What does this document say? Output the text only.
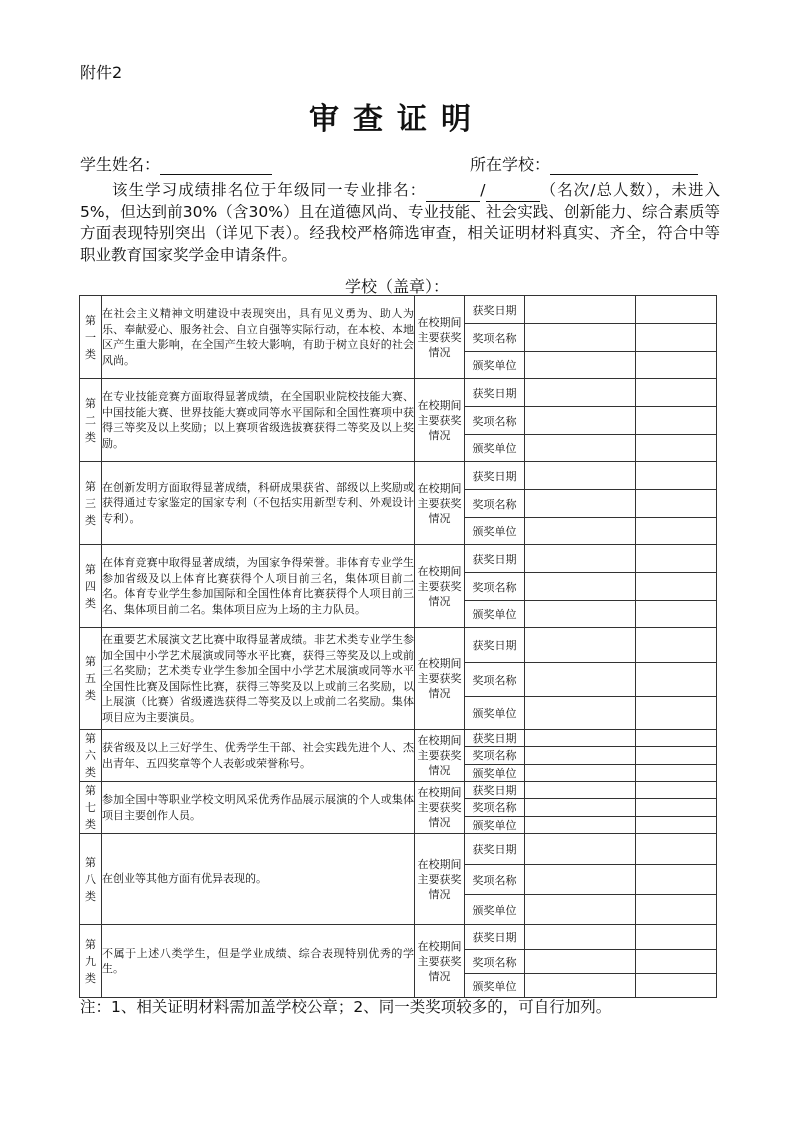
附件2
审查证明
学生姓名：	所在学校：
  该生学习成绩排名位于年级同一专业排名：	/	（名次/总人数），未进入5%，但达到前30%（含30%）且在道德风尚、专业技能、社会实践、创新能力、综合素质等方面表现特别突出（详见下表）。经我校严格筛选审查，相关证明材料真实、齐全，符合中等职业教育国家奖学金申请条件。
学校（盖章）：
第
一
类	在社会主义精神文明建设中表现突出，具有见义勇为、助人为乐、奉献爱心、服务社会、自立自强等实际行动，在本校、本地区产生重大影响，在全国产生较大影响，有助于树立良好的社会风尚。	在校期间主要获奖情况	获奖日期		
			奖项名称		
			颁奖单位		
第
二
类	在专业技能竞赛方面取得显著成绩，在全国职业院校技能大赛、中国技能大赛、世界技能大赛或同等水平国际和全国性赛项中获得三等奖及以上奖励；以上赛项省级选拔赛获得二等奖及以上奖励。	在校期间主要获奖情况	获奖日期		
			奖项名称		
			颁奖单位		
第
三
类	在创新发明方面取得显著成绩，科研成果获省、部级以上奖励或获得通过专家鉴定的国家专利（不包括实用新型专利、外观设计专利）。	在校期间主要获奖情况	获奖日期		
			奖项名称		
			颁奖单位		
第
四
类	在体育竞赛中取得显著成绩，为国家争得荣誉。非体育专业学生参加省级及以上体育比赛获得个人项目前三名，集体项目前二名。体育专业学生参加国际和全国性体育比赛获得个人项目前三名、集体项目前二名。集体项目应为上场的主力队员。	在校期间主要获奖情况	获奖日期		
			奖项名称		
			颁奖单位		
第
五
类	在重要艺术展演文艺比赛中取得显著成绩。非艺术类专业学生参加全国中小学艺术展演或同等水平比赛，获得三等奖及以上或前三名奖励；艺术类专业学生参加全国中小学艺术展演或同等水平全国性比赛及国际性比赛，获得三等奖及以上或前三名奖励，以上展演（比赛）省级遴选获得二等奖及以上或前二名奖励。集体项目应为主要演员。	在校期间主要获奖情况	获奖日期		
			奖项名称		
			颁奖单位		
第
六
类	获省级及以上三好学生、优秀学生干部、社会实践先进个人、杰出青年、五四奖章等个人表彰或荣誉称号。	在校期间主要获奖情况	获奖日期		
			奖项名称		
			颁奖单位		
第
七
类	参加全国中等职业学校文明风采优秀作品展示展演的个人或集体项目主要创作人员。	在校期间主要获奖情况	获奖日期		
			奖项名称		
			颁奖单位		
第
八
类	在创业等其他方面有优异表现的。	在校期间主要获奖情况	获奖日期		
			奖项名称		
			颁奖单位		
第
九
类	不属于上述八类学生，但是学业成绩、综合表现特别优秀的学生。	在校期间主要获奖情况	获奖日期		
			奖项名称		
			颁奖单位		
注：1、相关证明材料需加盖学校公章；2、同一类奖项较多的，可自行加列。
